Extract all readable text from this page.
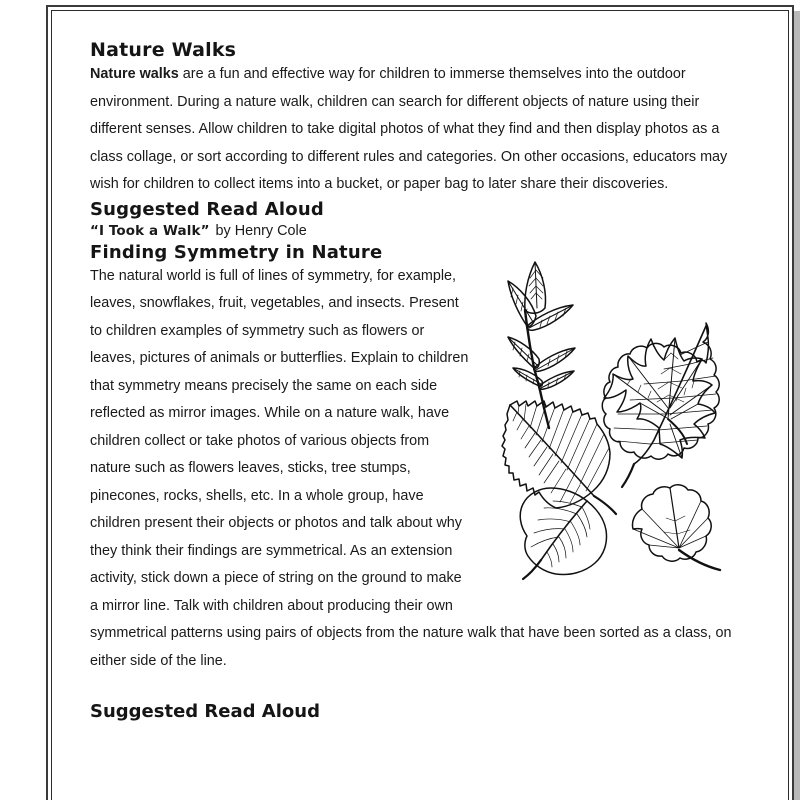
Nature Walks

Nature walks are a fun and effective way for children to immerse themselves into the outdoor environment. During a nature walk, children can search for different objects of nature using their different senses. Allow children to take digital photos of what they find and then display photos as a class collage, or sort according to different rules and categories. On other occasions, educators may wish for children to collect items into a bucket, or paper bag to later share their discoveries.

Suggested Read Aloud

“I Took a Walk” by Henry Cole

Finding Symmetry in Nature

The natural world is full of lines of symmetry, for example, leaves, snowflakes, fruit, vegetables, and insects. Present to children examples of symmetry such as flowers or leaves, pictures of animals or butterflies. Explain to children that symmetry means precisely the same on each side reflected as mirror images. While on a nature walk, have children collect or take photos of various objects from nature such as flowers leaves, sticks, tree stumps, pinecones, rocks, shells, etc. In a whole group, have children present their objects or photos and talk about why they think their findings are symmetrical. As an extension activity, stick down a piece of string on the ground to make a mirror line. Talk with children about producing their own symmetrical patterns using pairs of objects from the nature walk that have been sorted as a class, on either side of the line.

Suggested Read Aloud
